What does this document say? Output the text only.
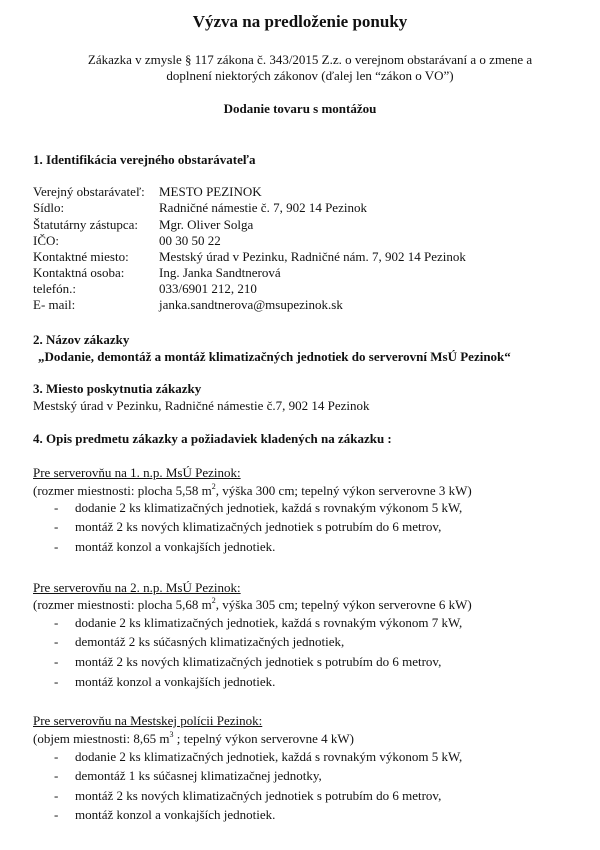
Výzva na predloženie ponuky
Zákazka v zmysle § 117 zákona č. 343/2015 Z.z. o verejnom obstarávaní a o zmene a
doplnení niektorých zákonov (ďalej len “zákon o VO”)
Dodanie tovaru s montážou
1. Identifikácia verejného obstarávateľa
Verejný obstarávateľ: MESTO PEZINOK
Sídlo:	Radničné námestie č. 7, 902 14 Pezinok
Štatutárny zástupca: Mgr. Oliver Solga
IČO:	00 30 50 22
Kontaktné miesto: Mestský úrad v Pezinku, Radničné nám. 7, 902 14 Pezinok
Kontaktná osoba:	Ing. Janka Sandtnerová
telefón.:	033/6901 212, 210
E- mail:	janka.sandtnerova@msupezinok.sk
2. Názov zákazky
„Dodanie, demontáž a montáž klimatizačných jednotiek do serverovní MsÚ Pezinok“
3. Miesto poskytnutia zákazky
Mestský úrad v Pezinku, Radničné námestie č.7, 902 14 Pezinok
4. Opis predmetu zákazky a požiadaviek kladených na zákazku :
Pre serverovňu na 1. n.p. MsÚ Pezinok:
(rozmer miestnosti: plocha 5,58 $m^2$, výška 300 cm; tepelný výkon serverovne 3 kW)
- dodanie 2 ks klimatizačných jednotiek, každá s rovnakým výkonom 5 kW,
- montáž 2 ks nových klimatizačných jednotiek s potrubím do 6 metrov,
- montáž konzol a vonkajších jednotiek.
Pre serverovňu na 2. n.p. MsÚ Pezinok:
(rozmer miestnosti: plocha 5,68 $m^2$, výška 305 cm; tepelný výkon serverovne 6 kW)
- dodanie 2 ks klimatizačných jednotiek, každá s rovnakým výkonom 7 kW,
- demontáž 2 ks súčasných klimatizačných jednotiek,
- montáž 2 ks nových klimatizačných jednotiek s potrubím do 6 metrov,
- montáž konzol a vonkajších jednotiek.
Pre serverovňu na Mestskej polícii Pezinok:
(objem miestnosti: 8,65 $m^3$ ; tepelný výkon serverovne 4 kW)
- dodanie 2 ks klimatizačných jednotiek, každá s rovnakým výkonom 5 kW,
- demontáž 1 ks súčasnej klimatizačnej jednotky,
- montáž 2 ks nových klimatizačných jednotiek s potrubím do 6 metrov,
- montáž konzol a vonkajších jednotiek.
